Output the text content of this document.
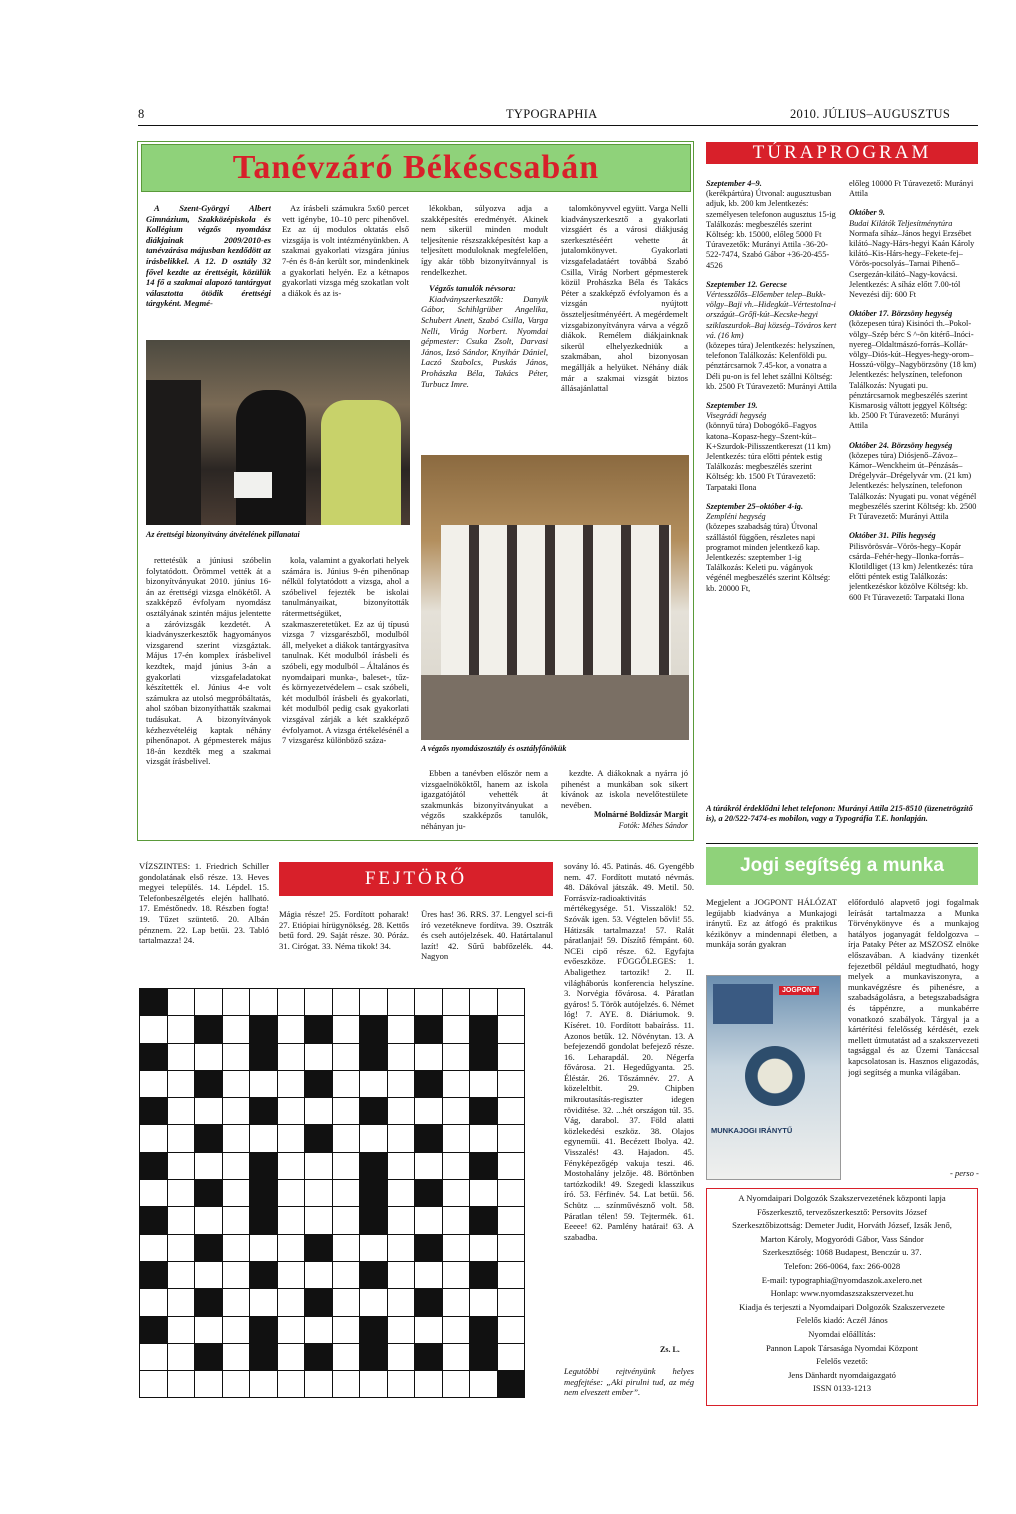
8	TYPOGRAPHIA	2010. JÚLIUS–AUGUSZTUS
Tanévzáró Békéscsabán

A Szent-Györgyi Albert Gimnázium, Szakközépiskola és Kollégium végzős nyomdász diákjainak 2009/2010-es tanévzárása májusban kezdődött az írásbelikkel. A 12. D osztály 32 fővel kezdte az érettségit, közülük 14 fő a szakmai alapozó tantárgyat választotta ötödik érettségi tárgyként. Megmé-

Az írásbeli számukra 5x60 percet vett igénybe, 10–10 perc pihenővel. Ez az új modulos oktatás első vizsgája is volt intézményünkben. A szakmai gyakorlati vizsgára június 7-én és 8-án került sor, mindenkinek a gyakorlati helyén. Ez a kétnapos gyakorlati vizsga még szokatlan volt a diákok és az is-

lékokban, súlyozva adja a szakképesítés eredményét. Akinek nem sikerül minden modult teljesítenie részszakképesítést kap a teljesített moduloknak megfelelően, így akár több bizonyítvánnyal is rendelkezhet.

Végzős tanulók névsora:

Kiadványszerkesztők: Danyik Gábor, Schihlgrüber Angelika, Schubert Anett, Szabó Csilla, Varga Nelli, Virág Norbert. Nyomdai gépmester: Csuka Zsolt, Darvasi János, Izsó Sándor, Knyihár Dániel, Laczó Szabolcs, Puskás János, Prohászka Béla, Takács Péter, Turbucz Imre.

talomkönyvvel együtt. Varga Nelli kiadványszerkesztő a gyakorlati vizsgáért és a városi diákjuság szerkesztéséért vehette át jutalomkönyvet. Gyakorlati vizsgafeladatáért továbbá Szabó Csilla, Virág Norbert gépmesterek közül Prohászka Béla és Takács Péter a szakképző évfolyamon és a vizsgán nyújtott összteljesítményéért. A megérdemelt vizsgabizonyítványra várva a végző diákok. Remélem diákjainknak sikerül elhelyezkedniük a szakmában, ahol bizonyosan megállják a helyüket. Néhány diák már a szakmai vizsgát biztos állásajánlattal

Az érettségi bizonyítvány átvételének pillanatai
A végzős nyomdászosztály és osztályfőnökük

rettetésük a júniusi szóbelin folytatódott. Örömmel vették át a bizonyítványukat 2010. június 16-án az érettségi vizsga elnökétől. A szakképző évfolyam nyomdász osztályának szintén május jelentette a záróvizsgák kezdetét. A kiadványszerkesztők hagyományos vizsgarend szerint vizsgáztak. Május 17-én komplex írásbelivel kezdtek, majd június 3-án a gyakorlati vizsgafeladatokat készítették el. Június 4-e volt számukra az utolsó megpróbáltatás, ahol szóban bizonyíthatták szakmai tudásukat. A bizonyítványok kézhezvételéig kaptak néhány pihenőnapot. A gépmesterek május 18-án kezdték meg a szakmai vizsgát írásbelivel.

kola, valamint a gyakorlati helyek számára is. Június 9-én pihenőnap nélkül folytatódott a vizsga, ahol a szóbelivel fejezték be iskolai tanulmányaikat, bizonyították rátermettségüket, szakmaszeretetüket. Ez az új típusú vizsga 7 vizsgarészből, modulból áll, melyeket a diákok tantárgyasítva tanulnak. Két modulból írásbeli és szóbeli, egy modulból – Általános és nyomdaipari munka-, baleset-, tűz- és környezetvédelem – csak szóbeli, két modulból írásbeli és gyakorlati, két modulból pedig csak gyakorlati vizsgával zárják a két szakképző évfolyamot. A vizsga értékelésénél a 7 vizsgarész különböző százа-

Ebben a tanévben először nem a vizsgaelnököktől, hanem az iskola igazgatójától vehették át szakmunkás bizonyítványukat a végzős szakképzős tanulók, néhányan ju-

kezdte. A diákoknak a nyárra jó pihenést a munkában sok sikert kívánok az iskola nevelőtestülete nevében.

Molnárné Boldizsár Margit
Fotók: Méhes Sándor
TÚRAPROGRAM
Szeptember 4–9.
(kerékpártúra) Útvonal: augusztusban adjuk, kb. 200 km Jelentkezés: személyesen telefonon augusztus 15-ig Találkozás: megbeszélés szerint Költség: kb. 15000, előleg 5000 Ft Túravezetők: Murányi Attila -36-20-522-7474, Szabó Gábor +36-20-455-4526
Szeptember 12. Gerecse
Vértesszőlős–Előember telep–Bukk-völgy–Baji vh.–Hidegkút–Vértestolna-i országút–Grőfi-kút–Kecske-hegyi sziklaszurdok–Baj község–Tóváros kert vá. (16 km)
(közepes túra) Jelentkezés: helyszínen, telefonon Találkozás: Kelenföldi pu. pénztárcsarnok 7.45-kor, a vonatra a Déli pu-on is fel lehet szállni Költség: kb. 2500 Ft Túravezető: Murányi Attila
Szeptember 19.
Visegrádi hegység
(könnyű túra) Dobogókő–Fagyos katona–Kopasz-hegy–Szent-kút–K+Szurdok-Pilisszentkereszt (11 km) Jelentkezés: túra előtti péntek estig Találkozás: megbeszélés szerint Költség: kb. 1500 Ft Túravezető: Tarpataki Ilona
Szeptember 25–október 4-ig.
Zempléni hegység
(közepes szabadság túra) Útvonal szállástól függően, részletes napi programot minden jelentkező kap. Jelentkezés: szeptember 1-ig Találkozás: Keleti pu. vágányok végénél megbeszélés szerint Költség: kb. 20000 Ft,
előleg 10000 Ft Túravezető: Murányi Attila
Október 9.
Budai Kilátók Teljesítménytúra
Normafa síház–János hegyi Erzsébet kilátó–Nagy-Hárs-hegyi Kaán Károly kilátó–Kis-Hárs-hegy–Fekete-fej–Vörös-pocsolyás–Tarnai Pihenő–Csergezán-kilátó–Nagy-kovácsi. Jelentkezés: A síház előtt 7.00-tól Nevezési díj: 600 Ft
Október 17. Börzsöny hegység
(közepesen túra) Kisinóci th.–Pokol-völgy–Szép bérc S ^-ön kitérő–Inóci-nyereg–Oldaltmászó-forrás–Kollár-völgy–Diós-kút–Hegyes-hegy-orom–Hosszú-völgy–Nagybörzsöny (18 km) Jelentkezés: helyszínen, telefonon Találkozás: Nyugati pu. pénztárcsarnok megbeszélés szerint Kismarosig váltott jeggyel Költség: kb. 2500 Ft Túravezető: Murányi Attila
Október 24. Börzsöny hegység
(közepes túra) Diósjenő–Závoz–Kámor–Wenckheim út–Pénzásás–Drégelyvár–Drégelyvár vm. (21 km) Jelentkezés: helyszínen, telefonon Találkozás: Nyugati pu. vonat végénél megbeszélés szerint Költség: kb. 2500 Ft Túravezető: Murányi Attila
Október 31. Pilis hegység
Pilisvörösvár–Vörös-hegy–Kopár csárda–Fehér-hegy–Ilonka-forrás–Klotildliget (13 km) Jelentkezés: túra előtti péntek estig Találkozás: jelentkezéskor közölve Költség: kb. 600 Ft Túravezető: Tarpataki Ilona
A túrákról érdeklődni lehet telefonon: Murányi Attila 215-8510 (üzenetrögzítő is), a 20/522-7474-es mobilon, vagy a Typográfia T.E. honlapján.
FEJTÖRŐ
VÍZSZINTES: 1. Friedrich Schiller gondolatának első része. 13. Heves megyei település. 14. Lépdel. 15. Telefonbeszélgetés elején hallható. 17. Eméstőnedv. 18. Részben fogta! 19. Tűzet szüntető. 20. Albán pénznem. 22. Lap betűi. 23. Tabló tartalmazza! 24.
Mágia része! 25. Fordított poharak! 27. Etiópiai hírügynökség. 28. Kettős betű ford. 29. Saját része. 30. Póráz. 31. Cirógat. 33. Néma tikok! 34.
Üres has! 36. RRS. 37. Lengyel sci-fi író vezetékneve fordítva. 39. Osztrák és cseh autójelzések. 40. Határtalanul lazít! 42. Sűrű babfőzelék. 44. Nagyon
sovány ló. 45. Patinás. 46. Gyengébb nem. 47. Fordított mutató névmás. 48. Dákóval játszák. 49. Metil. 50. Forrásvíz-radioaktivitás mértékegysége. 51. Visszalök! 52. Szóvák igen. 53. Végtelen bővli! 55. Hátizsák tartalmazza! 57. Ralát páratlanjai! 59. Díszítő fémpánt. 60. NCEi cipő része. 62. Egyfajta evőeszköze. FÜGGŐLEGES: 1. Abaligethez tartozik! 2. II. világháborús konferencia helyszíne. 3. Norvégia fővárosa. 4. Páratlan gyáros! 5. Török autójelzés. 6. Német lóg! 7. AYE. 8. Diáriumok. 9. Kíséret. 10. Fordított babaíráss. 11. Azonos betűk. 12. Növénytan. 13. A befejezendő gondolat befejező része. 16. Leharapdál. 20. Négerfa fővárosa. 21. Hegedűgyanta. 25. Éléstár. 26. Tőszámnév. 27. A közeleltbit. 29. Chipben mikroutasítás-regiszter idegen rövidítése. 32. ...hét országon túl. 35. Vág, darabol. 37. Föld alatti közlekedési eszköz. 38. Olajos egyneműi. 41. Becézett Ibolya. 42. Visszalés! 43. Hajadon. 45. Fényképezőgép vakuja teszi. 46. Mostohalány jelzője. 48. Börtönben tartózkodik! 49. Szegedi klasszikus író. 53. Férfinév. 54. Lat betűi. 56. Schütz ... színművésznő volt. 58. Páratlan télen! 59. Tejtermék. 61. Eeeee! 62. Pamlény határai! 63. A szabadba.
Zs. L.
Legutóbbi rejtvényünk helyes megfejtése: „Aki pirulni tud, az még nem elveszett ember”.

Jogi segítség a munka világában
Megjelent a JOGPONT HÁLÓZAT legújabb kiadványa a Munkajogi iránytű. Ez az átfogó és praktikus kézikönyv a mindennapi életben, a munkája során gyakran
előforduló alapvető jogi fogalmak leírását tartalmazza a Munka Törvénykönyve és a munkajog hatályos joganyagát feldolgozva – írja Pataky Péter az MSZOSZ elnöke előszavában. A kiadvány tizenkét fejezetből például megtudható, hogy melyek a munkaviszonyra, a munkavégzésre és pihenésre, a szabadságolásra, a betegszabadságra és táppénzre, a munkabérre vonatkozó szabályok. Tárgyal ja a kártérítési felelősség kérdését, ezek mellett útmutatást ad a szakszervezeti tagsággal és az Üzemi Tanáccsal kapcsolatosan is. Hasznos eligazodás, jogi segítség a munka világában.
- perso -
JOGPONT
MUNKAJOGI IRÁNYTŰ
A Nyomdaipari Dolgozók Szakszervezetének központi lapja
Főszerkesztő, tervezőszerkesztő: Persovits József
Szerkesztőbizottság: Demeter Judit, Horváth József, Izsák Jenő,
Marton Károly, Mogyoródi Gábor, Vass Sándor
Szerkesztőség: 1068 Budapest, Benczúr u. 37.
Telefon: 266-0064, fax: 266-0028
E-mail: typographia@nyomdaszok.axelero.net
Honlap: www.nyomdaszszakszervezet.hu
Kiadja és terjeszti a Nyomdaipari Dolgozók Szakszervezete
Felelős kiadó: Aczél János
Nyomdai előállítás:
Pannon Lapok Társasága Nyomdai Központ
Felelős vezető:
Jens Dänhardt nyomdaigazgató
ISSN 0133-1213
